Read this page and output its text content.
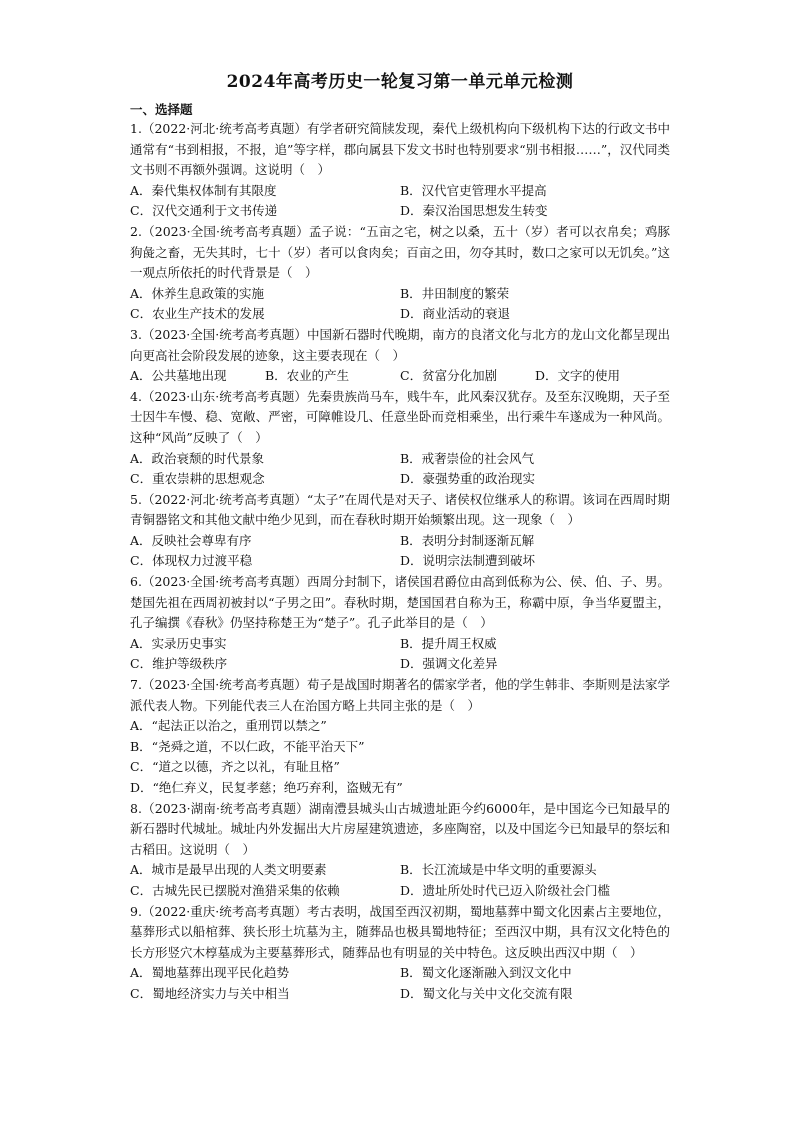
2024年高考历史一轮复习第一单元单元检测
一、选择题
1.（2022·河北·统考高考真题）有学者研究简牍发现，秦代上级机构向下级机构下达的行政文书中通常有“书到相报，不报，追”等字样，郡向属县下发文书时也特别要求“别书相报……”，汉代同类文书则不再额外强调。这说明（　）
A．秦代集权体制有其限度	B．汉代官吏管理水平提高
C．汉代交通利于文书传递	D．秦汉治国思想发生转变
2.（2023·全国·统考高考真题）孟子说：“五亩之宅，树之以桑，五十（岁）者可以衣帛矣；鸡豚狗彘之畜，无失其时，七十（岁）者可以食肉矣；百亩之田，勿夺其时，数口之家可以无饥矣。”这一观点所依托的时代背景是（　）
A．休养生息政策的实施	B．井田制度的繁荣
C．农业生产技术的发展	D．商业活动的衰退
3.（2023·全国·统考高考真题）中国新石器时代晚期，南方的良渚文化与北方的龙山文化都呈现出向更高社会阶段发展的迹象，这主要表现在（　）
A．公共墓地出现	B．农业的产生	C．贫富分化加剧	D．文字的使用
4.（2023·山东·统考高考真题）先秦贵族尚马车，贱牛车，此风秦汉犹存。及至东汉晚期，天子至士因牛车慢、稳、宽敞、严密，可障帷设几、任意坐卧而竞相乘坐，出行乘牛车遂成为一种风尚。这种“风尚”反映了（　）
A．政治衰颓的时代景象	B．戒奢崇俭的社会风气
C．重农崇耕的思想观念	D．豪强势重的政治现实
5.（2022·河北·统考高考真题）“太子”在周代是对天子、诸侯权位继承人的称谓。该词在西周时期青铜器铭文和其他文献中绝少见到，而在春秋时期开始频繁出现。这一现象（　）
A．反映社会尊卑有序	B．表明分封制逐渐瓦解
C．体现权力过渡平稳	D．说明宗法制遭到破坏
6.（2023·全国·统考高考真题）西周分封制下，诸侯国君爵位由高到低称为公、侯、伯、子、男。楚国先祖在西周初被封以“子男之田”。春秋时期，楚国国君自称为王，称霸中原，争当华夏盟主，孔子编撰《春秋》仍坚持称楚王为“楚子”。孔子此举目的是（　）
A．实录历史事实	B．提升周王权威
C．维护等级秩序	D．强调文化差异
7.（2023·全国·统考高考真题）荀子是战国时期著名的儒家学者，他的学生韩非、李斯则是法家学派代表人物。下列能代表三人在治国方略上共同主张的是（　）
A．“起法正以治之，重刑罚以禁之”
B．“尧舜之道，不以仁政，不能平治天下”
C．“道之以德，齐之以礼，有耻且格”
D．“绝仁弃义，民复孝慈；绝巧弃利，盗贼无有”
8.（2023·湖南·统考高考真题）湖南澧县城头山古城遗址距今约6000年，是中国迄今已知最早的新石器时代城址。城址内外发掘出大片房屋建筑遗迹，多座陶窑，以及中国迄今已知最早的祭坛和古稻田。这说明（　）
A．城市是最早出现的人类文明要素	B．长江流域是中华文明的重要源头
C．古城先民已摆脱对渔猎采集的依赖	D．遗址所处时代已迈入阶级社会门槛
9.（2022·重庆·统考高考真题）考古表明，战国至西汉初期，蜀地墓葬中蜀文化因素占主要地位，墓葬形式以船棺葬、狭长形土坑墓为主，随葬品也极具蜀地特征；至西汉中期，具有汉文化特色的长方形竖穴木椁墓成为主要墓葬形式，随葬品也有明显的关中特色。这反映出西汉中期（　）
A．蜀地墓葬出现平民化趋势	B．蜀文化逐渐融入到汉文化中
C．蜀地经济实力与关中相当	D．蜀文化与关中文化交流有限
